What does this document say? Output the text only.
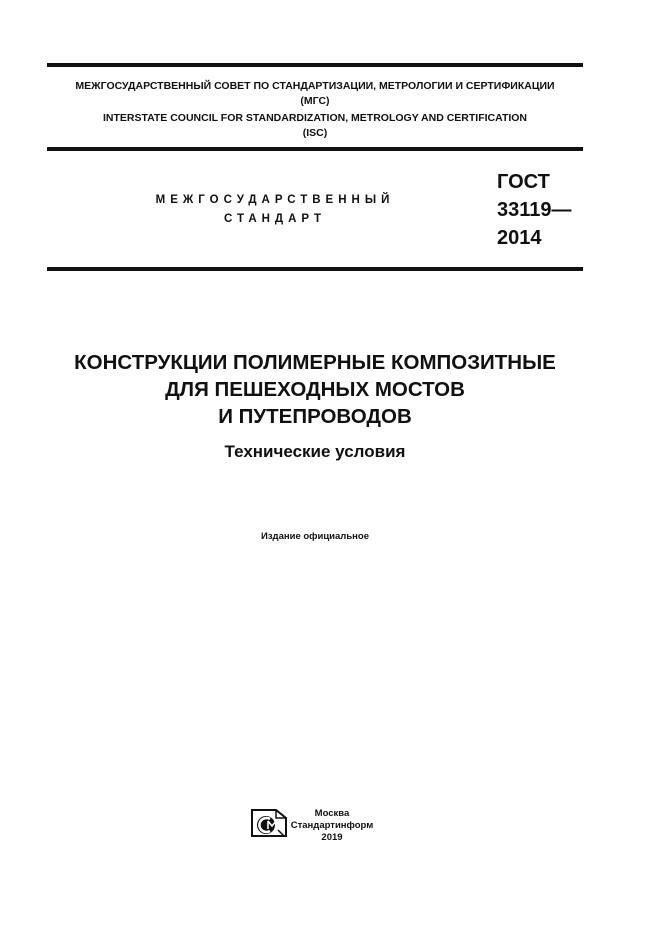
МЕЖГОСУДАРСТВЕННЫЙ СОВЕТ ПО СТАНДАРТИЗАЦИИ, МЕТРОЛОГИИ И СЕРТИФИКАЦИИ
(МГС)
INTERSTATE COUNCIL FOR STANDARDIZATION, METROLOGY AND CERTIFICATION
(ISC)
МЕЖГОСУДАРСТВЕННЫЙ
СТАНДАРТ
ГОСТ
33119—
2014
КОНСТРУКЦИИ ПОЛИМЕРНЫЕ КОМПОЗИТНЫЕ
ДЛЯ ПЕШЕХОДНЫХ МОСТОВ
И ПУТЕПРОВОДОВ
Технические условия
Издание официальное
Москва
Стандартинформ
2019
